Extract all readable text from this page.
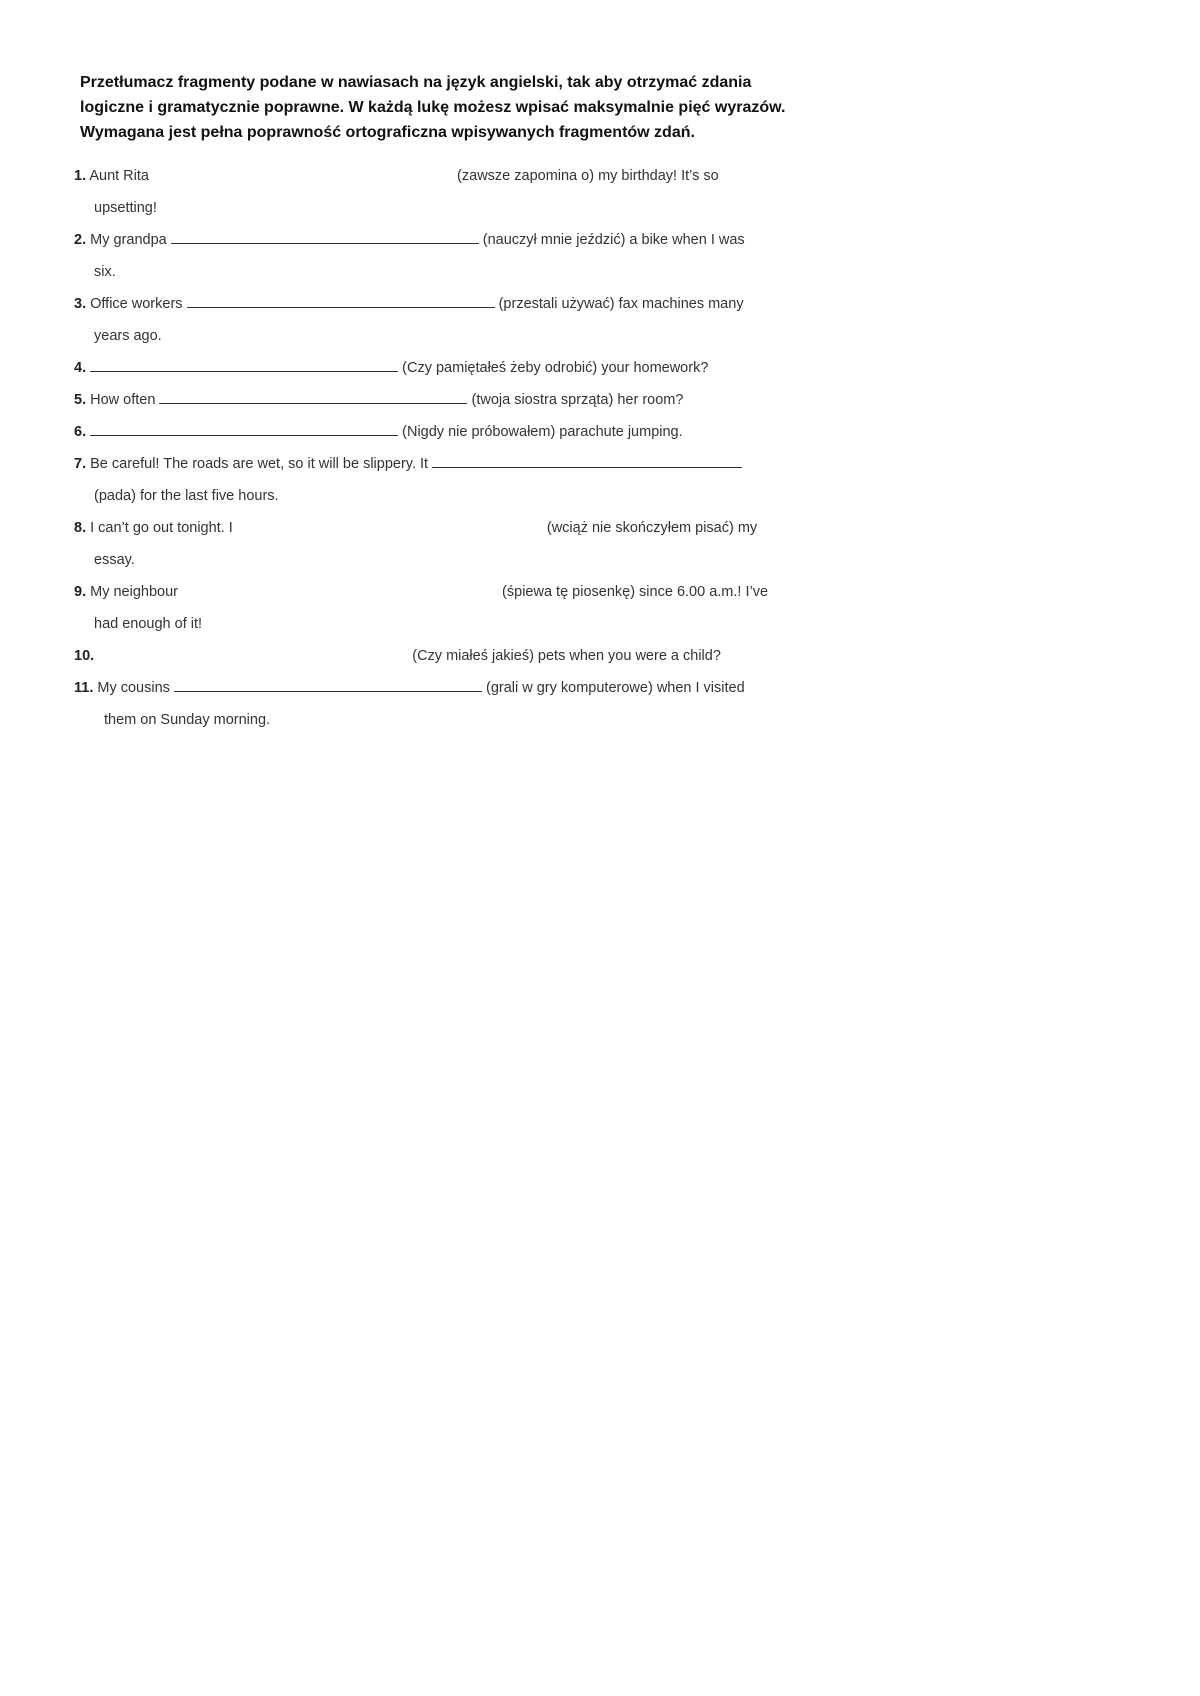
Przetłumacz fragmenty podane w nawiasach na język angielski, tak aby otrzymać zdania
logiczne i gramatycznie poprawne. W każdą lukę możesz wpisać maksymalnie pięć wyrazów.
Wymagana jest pełna poprawność ortograficzna wpisywanych fragmentów zdań.
1. Aunt Rita	(zawsze zapomina o) my birthday! It’s so
upsetting!
2. My grandpa	(nauczył mnie jeździć) a bike when I was
six.
3. Office workers	(przestali używać) fax machines many
years ago.
4.	(Czy pamiętałeś żeby odrobić) your homework?
5. How often	(twoja siostra sprząta) her room?
6.	(Nigdy nie próbowałem) parachute jumping.
7. Be careful! The roads are wet, so it will be slippery. It
(pada) for the last five hours.
8. I can’t go out tonight. I	(wciąż nie skończyłem pisać) my
essay.
9. My neighbour	(śpiewa tę piosenkę) since 6.00 a.m.! I’ve
had enough of it!
10.	(Czy miałeś jakieś) pets when you were a child?
11. My cousins	(grali w gry komputerowe) when I visited
them on Sunday morning.
